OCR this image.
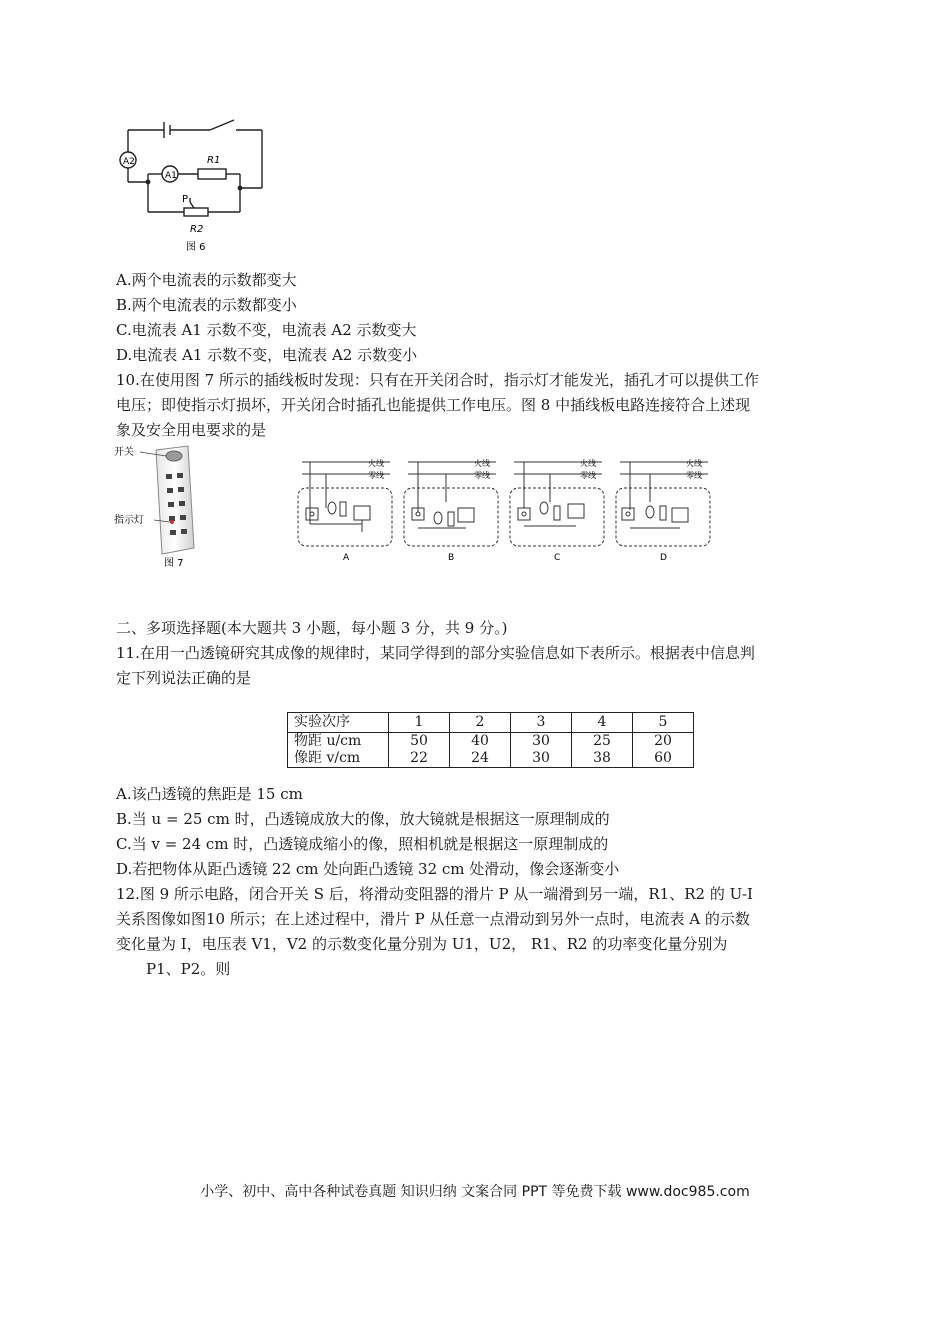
A2
A1
R1
P
R2
图 6
A.两个电流表的示数都变大
B.两个电流表的示数都变小
C.电流表 A1 示数不变，电流表 A2 示数变大
D.电流表 A1 示数不变，电流表 A2 示数变小
10.在使用图 7 所示的插线板时发现：只有在开关闭合时，指示灯才能发光，插孔才可以提供工作
电压；即使指示灯损坏，开关闭合时插孔也能提供工作电压。图 8 中插线板电路连接符合上述现
象及安全用电要求的是
开关
指示灯
图 7
火线
零线
火线
零线
火线
零线
火线
零线
A	B	C	D
二、多项选择题(本大题共 3 小题，每小题 3 分，共 9 分。)
11.在用一凸透镜研究其成像的规律时，某同学得到的部分实验信息如下表所示。根据表中信息判
定下列说法正确的是
实验次序	1	2	3	4	5
物距 u/cm	50	40	30	25	20
像距 v/cm	22	24	30	38	60
A.该凸透镜的焦距是 15 cm
B.当 u = 25 cm 时，凸透镜成放大的像，放大镜就是根据这一原理制成的
C.当 v = 24 cm 时，凸透镜成缩小的像，照相机就是根据这一原理制成的
D.若把物体从距凸透镜 22 cm 处向距凸透镜 32 cm 处滑动，像会逐渐变小
12.图 9 所示电路，闭合开关 S 后，将滑动变阻器的滑片 P 从一端滑到另一端，R1、R2 的 U-I
关系图像如图10 所示；在上述过程中，滑片 P 从任意一点滑动到另外一点时，电流表 A 的示数
变化量为 I，电压表 V1，V2 的示数变化量分别为 U1，U2， R1、R2 的功率变化量分别为
P1、P2。则
小学、初中、高中各种试卷真题 知识归纳 文案合同 PPT 等免费下载 www.doc985.com
